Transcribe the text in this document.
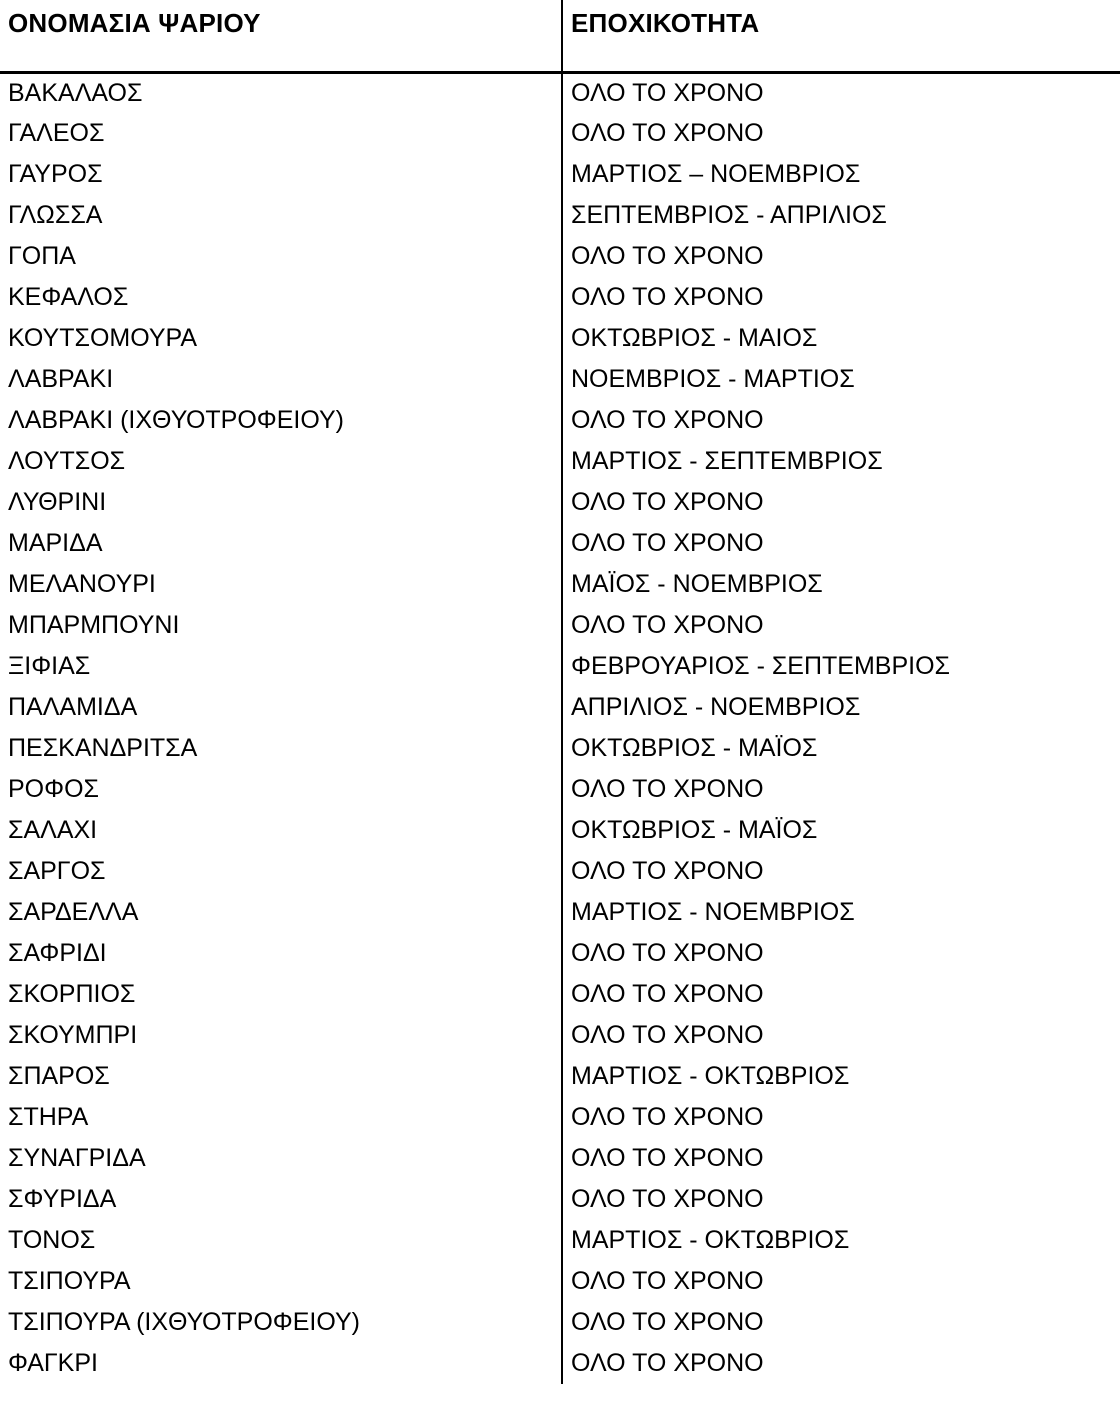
ΟΝΟΜΑΣΙΑ ΨΑΡΙΟΥ	ΕΠΟΧΙΚΟΤΗΤΑ
ΒΑΚΑΛΑΟΣ	ΟΛΟ ΤΟ ΧΡΟΝΟ
ΓΑΛΕΟΣ	ΟΛΟ ΤΟ ΧΡΟΝΟ
ΓΑΥΡΟΣ	ΜΑΡΤΙΟΣ – ΝΟΕΜΒΡΙΟΣ
ΓΛΩΣΣΑ	ΣΕΠΤΕΜΒΡΙΟΣ - ΑΠΡΙΛΙΟΣ
ΓΟΠΑ	ΟΛΟ ΤΟ ΧΡΟΝΟ
ΚΕΦΑΛΟΣ	ΟΛΟ ΤΟ ΧΡΟΝΟ
ΚΟΥΤΣΟΜΟΥΡΑ	ΟΚΤΩΒΡΙΟΣ - ΜΑΙΟΣ
ΛΑΒΡΑΚΙ	ΝΟΕΜΒΡΙΟΣ - ΜΑΡΤΙΟΣ
ΛΑΒΡΑΚΙ (ΙΧΘΥΟΤΡΟΦΕΙΟΥ)	ΟΛΟ ΤΟ ΧΡΟΝΟ
ΛΟΥΤΣΟΣ	ΜΑΡΤΙΟΣ - ΣΕΠΤΕΜΒΡΙΟΣ
ΛΥΘΡΙΝΙ	ΟΛΟ ΤΟ ΧΡΟΝΟ
ΜΑΡΙΔΑ	ΟΛΟ ΤΟ ΧΡΟΝΟ
ΜΕΛΑΝΟΥΡΙ	ΜΑΪΟΣ - ΝΟΕΜΒΡΙΟΣ
ΜΠΑΡΜΠΟΥΝΙ	ΟΛΟ ΤΟ ΧΡΟΝΟ
ΞΙΦΙΑΣ	ΦΕΒΡΟΥΑΡΙΟΣ - ΣΕΠΤΕΜΒΡΙΟΣ
ΠΑΛΑΜΙΔΑ	ΑΠΡΙΛΙΟΣ - ΝΟΕΜΒΡΙΟΣ
ΠΕΣΚΑΝΔΡΙΤΣΑ	ΟΚΤΩΒΡΙΟΣ - ΜΑΪΟΣ
ΡΟΦΟΣ	ΟΛΟ ΤΟ ΧΡΟΝΟ
ΣΑΛΑΧΙ	ΟΚΤΩΒΡΙΟΣ - ΜΑΪΟΣ
ΣΑΡΓΟΣ	ΟΛΟ ΤΟ ΧΡΟΝΟ
ΣΑΡΔΕΛΛΑ	ΜΑΡΤΙΟΣ - ΝΟΕΜΒΡΙΟΣ
ΣΑΦΡΙΔΙ	ΟΛΟ ΤΟ ΧΡΟΝΟ
ΣΚΟΡΠΙΟΣ	ΟΛΟ ΤΟ ΧΡΟΝΟ
ΣΚΟΥΜΠΡΙ	ΟΛΟ ΤΟ ΧΡΟΝΟ
ΣΠΑΡΟΣ	ΜΑΡΤΙΟΣ - ΟΚΤΩΒΡΙΟΣ
ΣΤΗΡΑ	ΟΛΟ ΤΟ ΧΡΟΝΟ
ΣΥΝΑΓΡΙΔΑ	ΟΛΟ ΤΟ ΧΡΟΝΟ
ΣΦΥΡΙΔΑ	ΟΛΟ ΤΟ ΧΡΟΝΟ
ΤΟΝΟΣ	ΜΑΡΤΙΟΣ - ΟΚΤΩΒΡΙΟΣ
ΤΣΙΠΟΥΡΑ	ΟΛΟ ΤΟ ΧΡΟΝΟ
ΤΣΙΠΟΥΡΑ (ΙΧΘΥΟΤΡΟΦΕΙΟΥ)	ΟΛΟ ΤΟ ΧΡΟΝΟ
ΦΑΓΚΡΙ	ΟΛΟ ΤΟ ΧΡΟΝΟ
